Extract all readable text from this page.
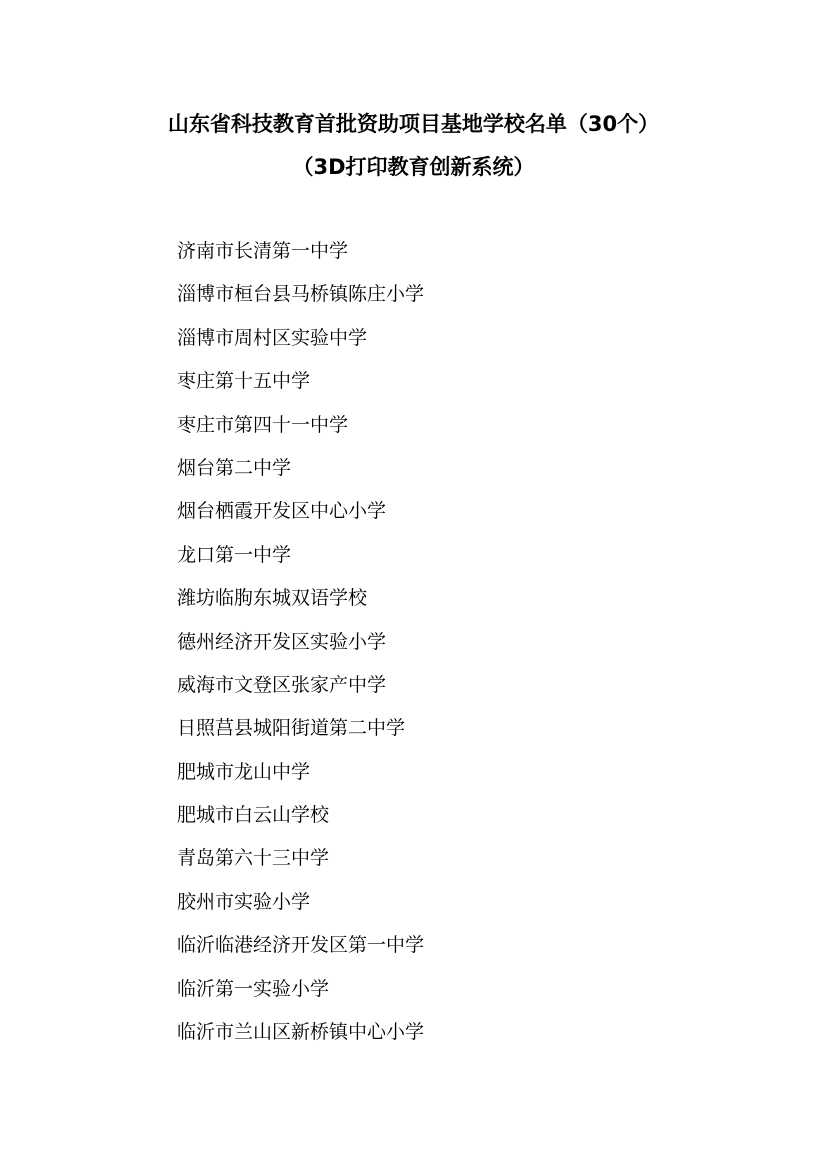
山东省科技教育首批资助项目基地学校名单（30个）
（3D打印教育创新系统）
济南市长清第一中学
淄博市桓台县马桥镇陈庄小学
淄博市周村区实验中学
枣庄第十五中学
枣庄市第四十一中学
烟台第二中学
烟台栖霞开发区中心小学
龙口第一中学
潍坊临朐东城双语学校
德州经济开发区实验小学
威海市文登区张家产中学
日照莒县城阳街道第二中学
肥城市龙山中学
肥城市白云山学校
青岛第六十三中学
胶州市实验小学
临沂临港经济开发区第一中学
临沂第一实验小学
临沂市兰山区新桥镇中心小学
